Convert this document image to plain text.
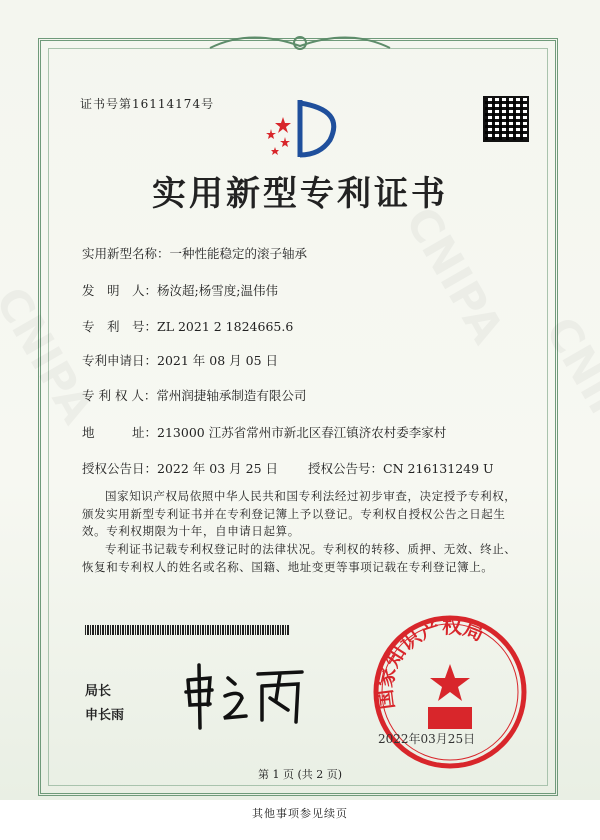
证书号第16114174号
实用新型专利证书
实用新型名称：一种性能稳定的滚子轴承
发　明　人：杨汝超;杨雪度;温伟伟
专　利　号：ZL 2021 2 1824665.6
专利申请日：2021 年 08 月 05 日
专 利 权 人：常州润捷轴承制造有限公司
地　　　址：213000 江苏省常州市新北区春江镇济农村委李家村
授权公告日：2022 年 03 月 25 日 授权公告号：CN 216131249 U
国家知识产权局依照中华人民共和国专利法经过初步审查，决定授予专利权，颁发实用新型专利证书并在专利登记簿上予以登记。专利权自授权公告之日起生效。专利权期限为十年，自申请日起算。
专利证书记载专利权登记时的法律状况。专利权的转移、质押、无效、终止、恢复和专利权人的姓名或名称、国籍、地址变更等事项记载在专利登记簿上。
局长
申长雨
国家知识产权局
2022年03月25日
第 1 页 (共 2 页)
其他事项参见续页
